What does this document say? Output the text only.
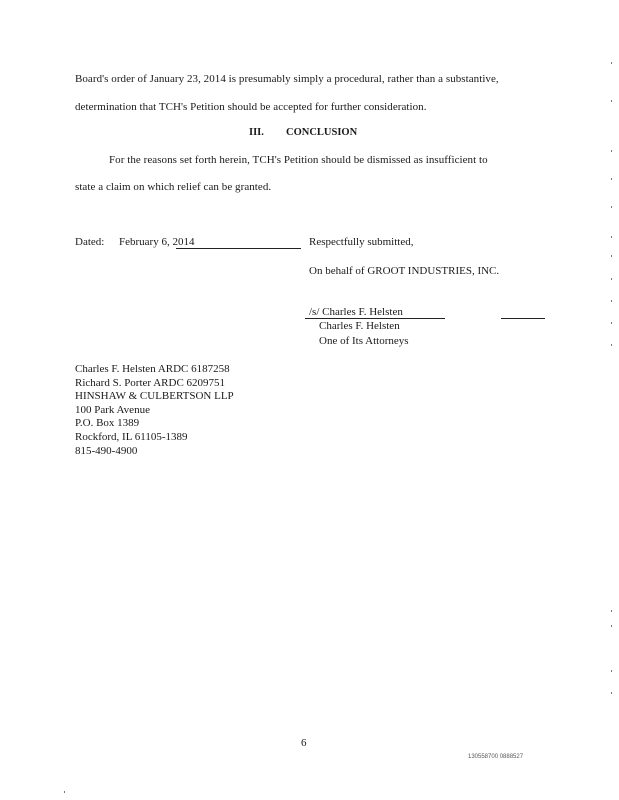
Board's order of January 23, 2014 is presumably simply a procedural, rather than a substantive,
determination that TCH's Petition should be accepted for further consideration.
III. CONCLUSION
For the reasons set forth herein, TCH's Petition should be dismissed as insufficient to
state a claim on which relief can be granted.
Dated: February 6, 2014	Respectfully submitted,
On behalf of GROOT INDUSTRIES, INC.
/s/ Charles F. Helsten
Charles F. Helsten
One of Its Attorneys
Charles F. Helsten ARDC 6187258
Richard S. Porter ARDC 6209751
HINSHAW & CULBERTSON LLP
100 Park Avenue
P.O. Box 1389
Rockford, IL 61105-1389
815-490-4900
6
130558700 0888527
